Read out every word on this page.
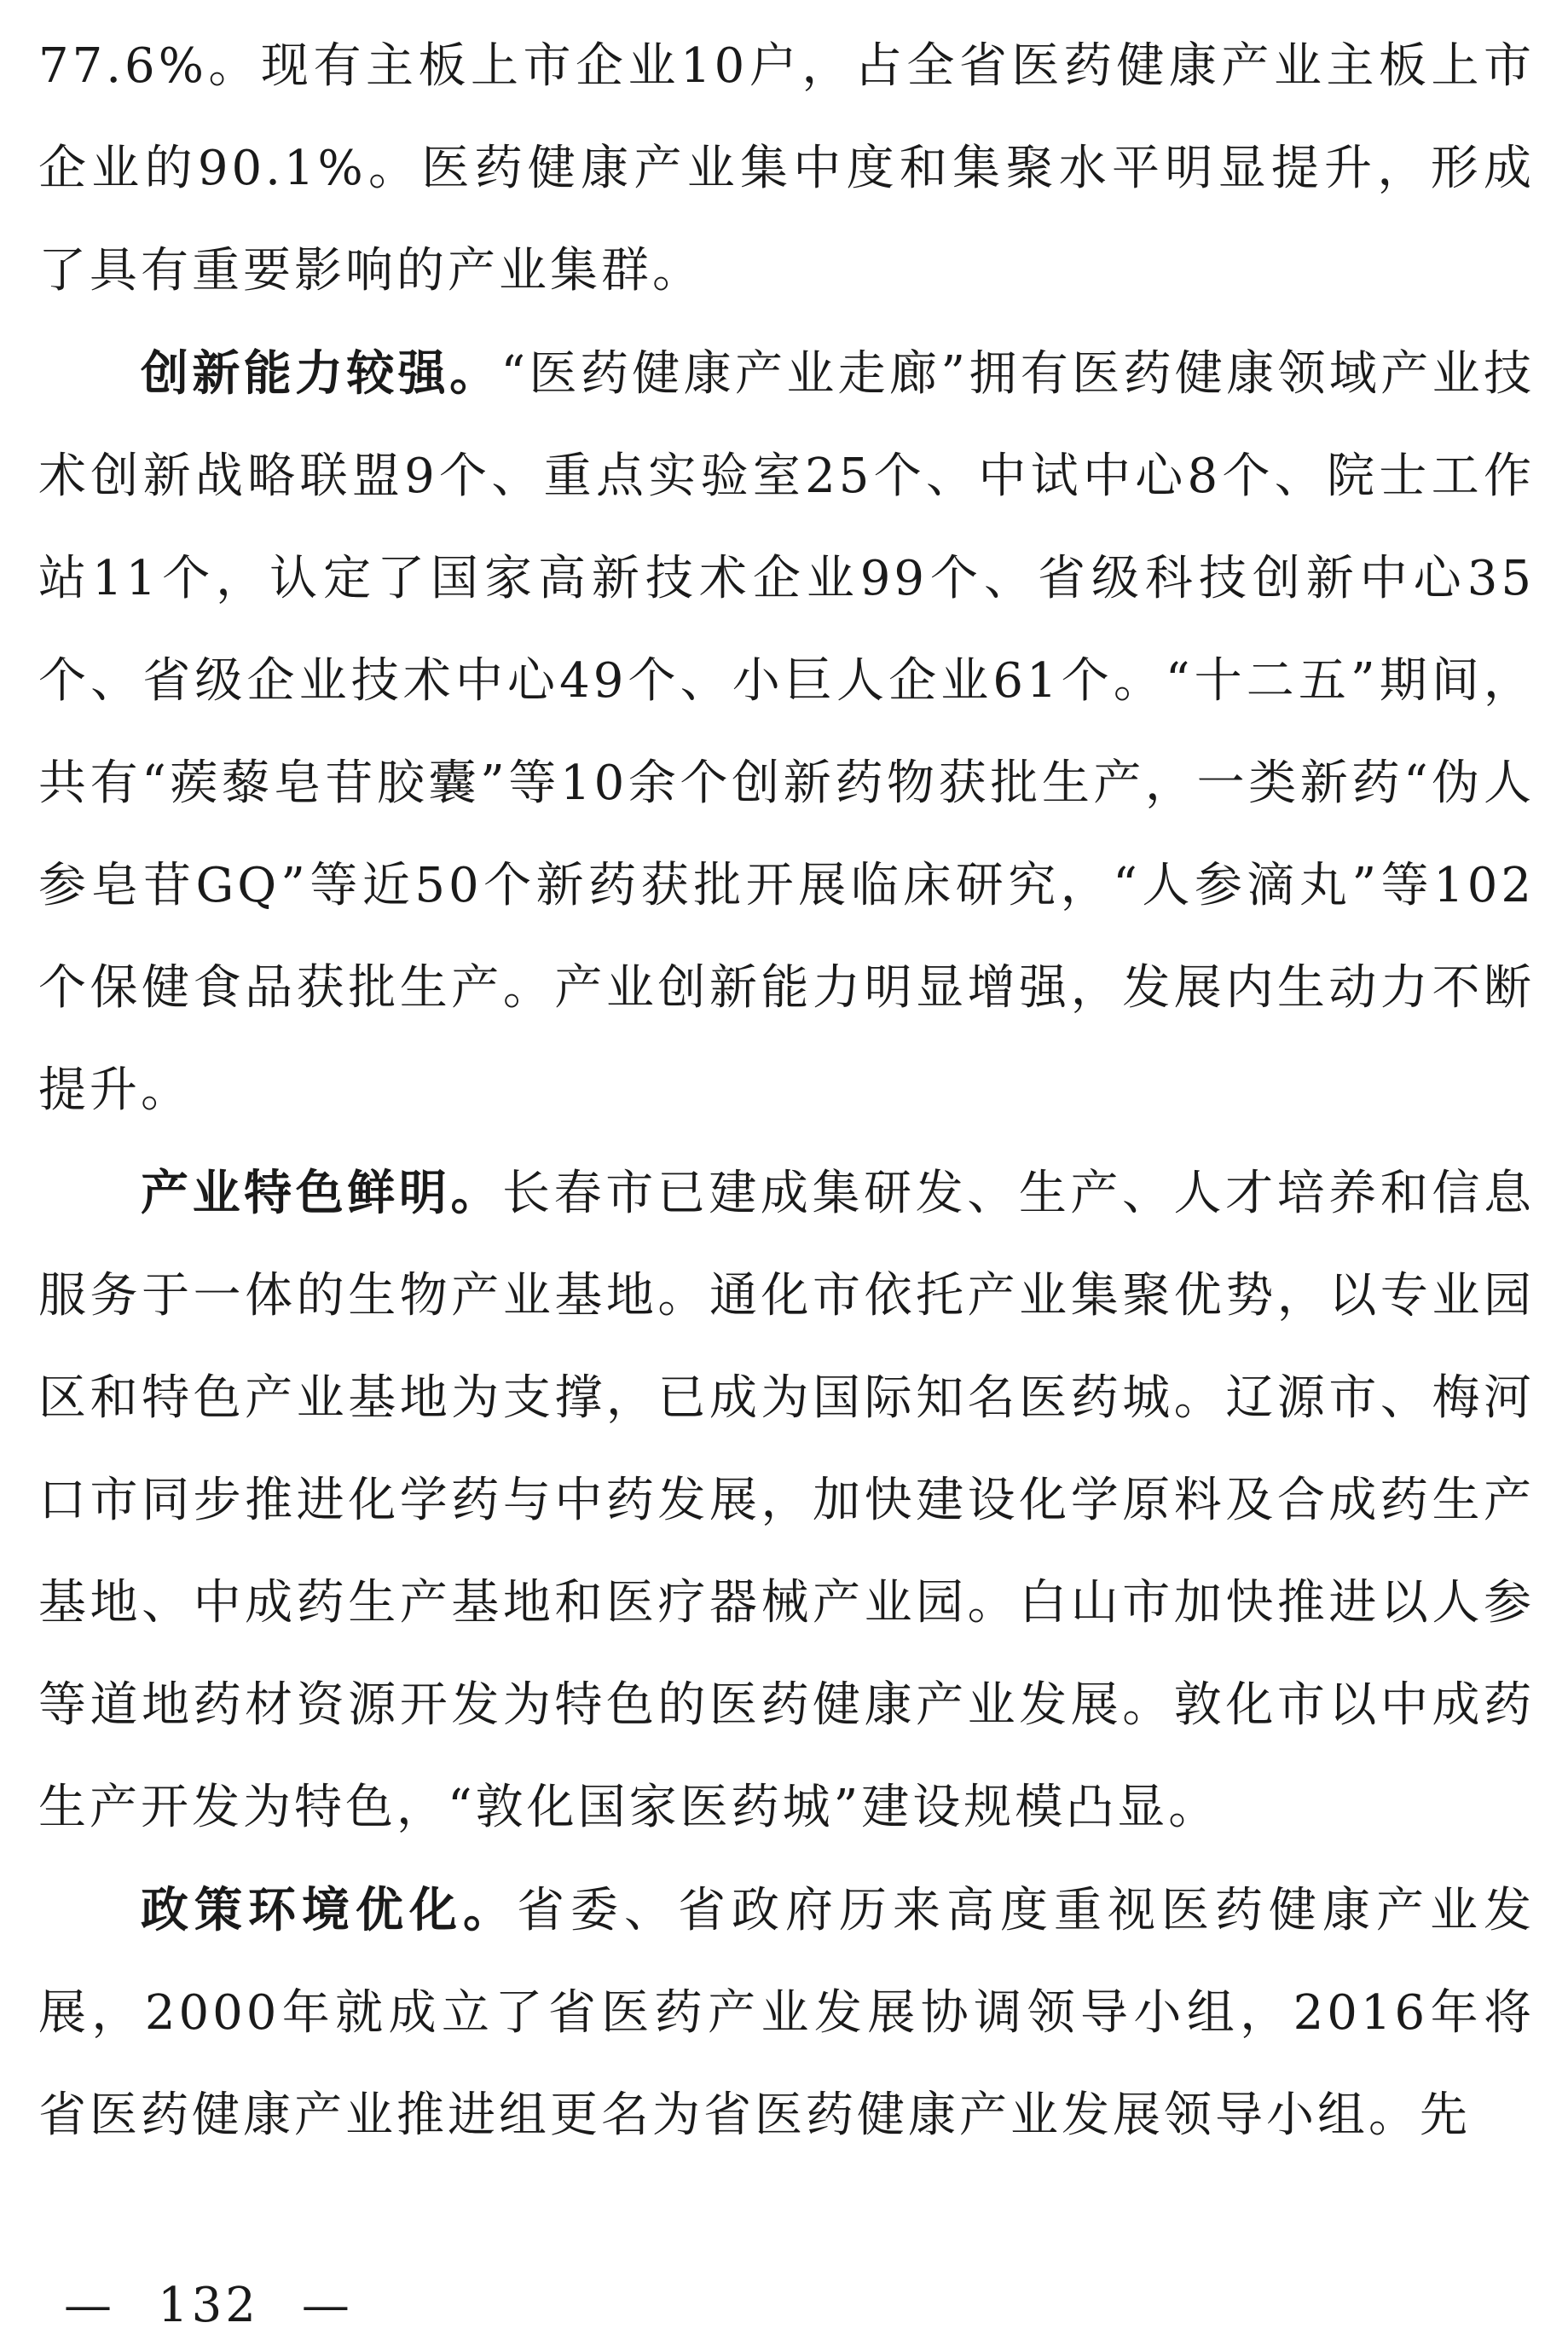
77.6%。现有主板上市企业10户，占全省医药健康产业主板上市企业的90.1%。医药健康产业集中度和集聚水平明显提升，形成了具有重要影响的产业集群。

创新能力较强。“医药健康产业走廊”拥有医药健康领域产业技术创新战略联盟9个、重点实验室25个、中试中心8个、院士工作站11个，认定了国家高新技术企业99个、省级科技创新中心35个、省级企业技术中心49个、小巨人企业61个。“十二五”期间，共有“蒺藜皂苷胶囊”等10余个创新药物获批生产，一类新药“伪人参皂苷GQ”等近50个新药获批开展临床研究，“人参滴丸”等102个保健食品获批生产。产业创新能力明显增强，发展内生动力不断提升。

产业特色鲜明。长春市已建成集研发、生产、人才培养和信息服务于一体的生物产业基地。通化市依托产业集聚优势，以专业园区和特色产业基地为支撑，已成为国际知名医药城。辽源市、梅河口市同步推进化学药与中药发展，加快建设化学原料及合成药生产基地、中成药生产基地和医疗器械产业园。白山市加快推进以人参等道地药材资源开发为特色的医药健康产业发展。敦化市以中成药生产开发为特色，“敦化国家医药城”建设规模凸显。

政策环境优化。省委、省政府历来高度重视医药健康产业发展，2000年就成立了省医药产业发展协调领导小组，2016年将省医药健康产业推进组更名为省医药健康产业发展领导小组。先

— 132 —
